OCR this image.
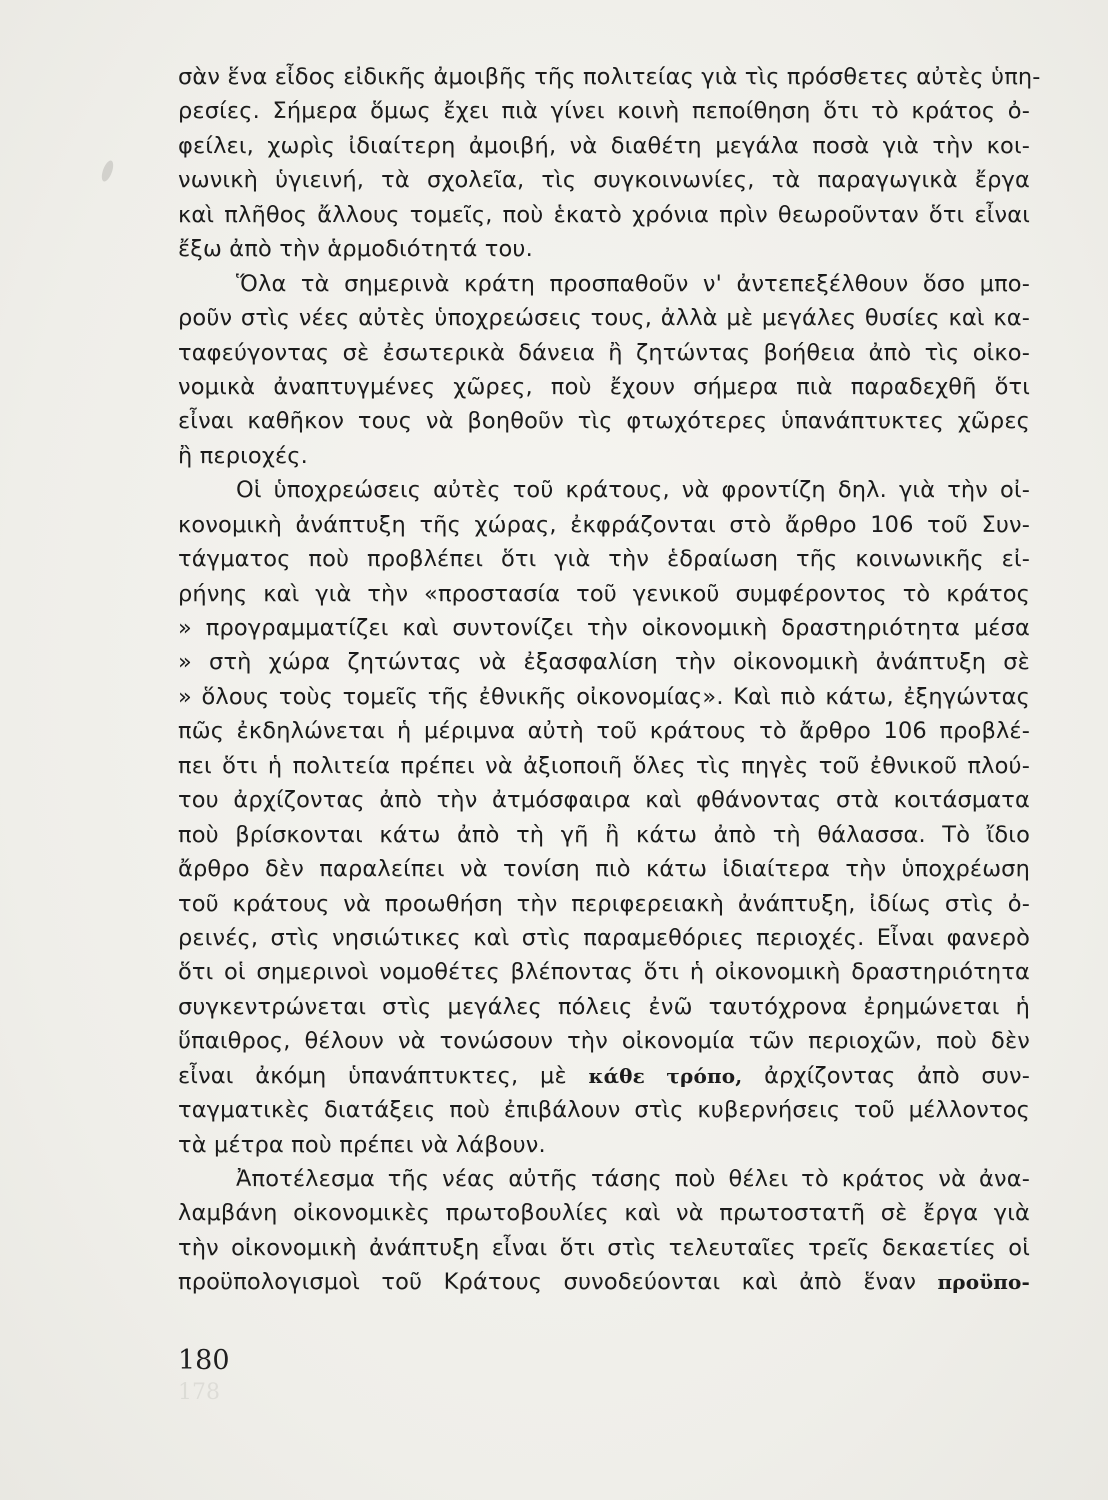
σὰν ἕνα εἶδος εἰδικῆς ἀμοιβῆς τῆς πολιτείας γιὰ τὶς πρόσθετες αὐτὲς ὑπη-
ρεσίες. Σήμερα ὅμως ἔχει πιὰ γίνει κοινὴ πεποίθηση ὅτι τὸ κράτος ὀ-
φείλει, χωρὶς ἰδιαίτερη ἀμοιβή, νὰ διαθέτη μεγάλα ποσὰ γιὰ τὴν κοι-
νωνικὴ ὑγιεινή, τὰ σχολεῖα, τὶς συγκοινωνίες, τὰ παραγωγικὰ ἔργα
καὶ πλῆθος ἄλλους τομεῖς, ποὺ ἑκατὸ χρόνια πρὶν θεωροῦνταν ὅτι εἶναι
ἔξω ἀπὸ τὴν ἁρμοδιότητά του.
Ὅλα τὰ σημερινὰ κράτη προσπαθοῦν ν' ἀντεπεξέλθουν ὅσο μπο-
ροῦν στὶς νέες αὐτὲς ὑποχρεώσεις τους, ἀλλὰ μὲ μεγάλες θυσίες καὶ κα-
ταφεύγοντας σὲ ἐσωτερικὰ δάνεια ἢ ζητώντας βοήθεια ἀπὸ τὶς οἰκο-
νομικὰ ἀναπτυγμένες χῶρες, ποὺ ἔχουν σήμερα πιὰ παραδεχθῆ ὅτι
εἶναι καθῆκον τους νὰ βοηθοῦν τὶς φτωχότερες ὑπανάπτυκτες χῶρες
ἢ περιοχές.
Οἱ ὑποχρεώσεις αὐτὲς τοῦ κράτους, νὰ φροντίζη δηλ. γιὰ τὴν οἰ-
κονομικὴ ἀνάπτυξη τῆς χώρας, ἐκφράζονται στὸ ἄρθρο 106 τοῦ Συν-
τάγματος ποὺ προβλέπει ὅτι γιὰ τὴν ἑδραίωση τῆς κοινωνικῆς εἰ-
ρήνης καὶ γιὰ τὴν «προστασία τοῦ γενικοῦ συμφέροντος τὸ κράτος
» προγραμματίζει καὶ συντονίζει τὴν οἰκονομικὴ δραστηριότητα μέσα
» στὴ χώρα ζητώντας νὰ ἐξασφαλίση τὴν οἰκονομικὴ ἀνάπτυξη σὲ
» ὅλους τοὺς τομεῖς τῆς ἐθνικῆς οἰκονομίας». Καὶ πιὸ κάτω, ἐξηγώντας
πῶς ἐκδηλώνεται ἡ μέριμνα αὐτὴ τοῦ κράτους τὸ ἄρθρο 106 προβλέ-
πει ὅτι ἡ πολιτεία πρέπει νὰ ἀξιοποιῆ ὅλες τὶς πηγὲς τοῦ ἐθνικοῦ πλού-
του ἀρχίζοντας ἀπὸ τὴν ἀτμόσφαιρα καὶ φθάνοντας στὰ κοιτάσματα
ποὺ βρίσκονται κάτω ἀπὸ τὴ γῆ ἢ κάτω ἀπὸ τὴ θάλασσα. Τὸ ἴδιο
ἄρθρο δὲν παραλείπει νὰ τονίση πιὸ κάτω ἰδιαίτερα τὴν ὑποχρέωση
τοῦ κράτους νὰ προωθήση τὴν περιφερειακὴ ἀνάπτυξη, ἰδίως στὶς ὀ-
ρεινές, στὶς νησιώτικες καὶ στὶς παραμεθόριες περιοχές. Εἶναι φανερὸ
ὅτι οἱ σημερινοὶ νομοθέτες βλέποντας ὅτι ἡ οἰκονομικὴ δραστηριότητα
συγκεντρώνεται στὶς μεγάλες πόλεις ἐνῶ ταυτόχρονα ἐρημώνεται ἡ
ὕπαιθρος, θέλουν νὰ τονώσουν τὴν οἰκονομία τῶν περιοχῶν, ποὺ δὲν
εἶναι ἀκόμη ὑπανάπτυκτες, μὲ κάθε τρόπο, ἀρχίζοντας ἀπὸ συν-
ταγματικὲς διατάξεις ποὺ ἐπιβάλουν στὶς κυβερνήσεις τοῦ μέλλοντος
τὰ μέτρα ποὺ πρέπει νὰ λάβουν.
Ἀποτέλεσμα τῆς νέας αὐτῆς τάσης ποὺ θέλει τὸ κράτος νὰ ἀνα-
λαμβάνη οἰκονομικὲς πρωτοβουλίες καὶ νὰ πρωτοστατῆ σὲ ἔργα γιὰ
τὴν οἰκονομικὴ ἀνάπτυξη εἶναι ὅτι στὶς τελευταῖες τρεῖς δεκαετίες οἱ
προϋπολογισμοὶ τοῦ Κράτους συνοδεύονται καὶ ἀπὸ ἕναν προϋπο-
180
178
